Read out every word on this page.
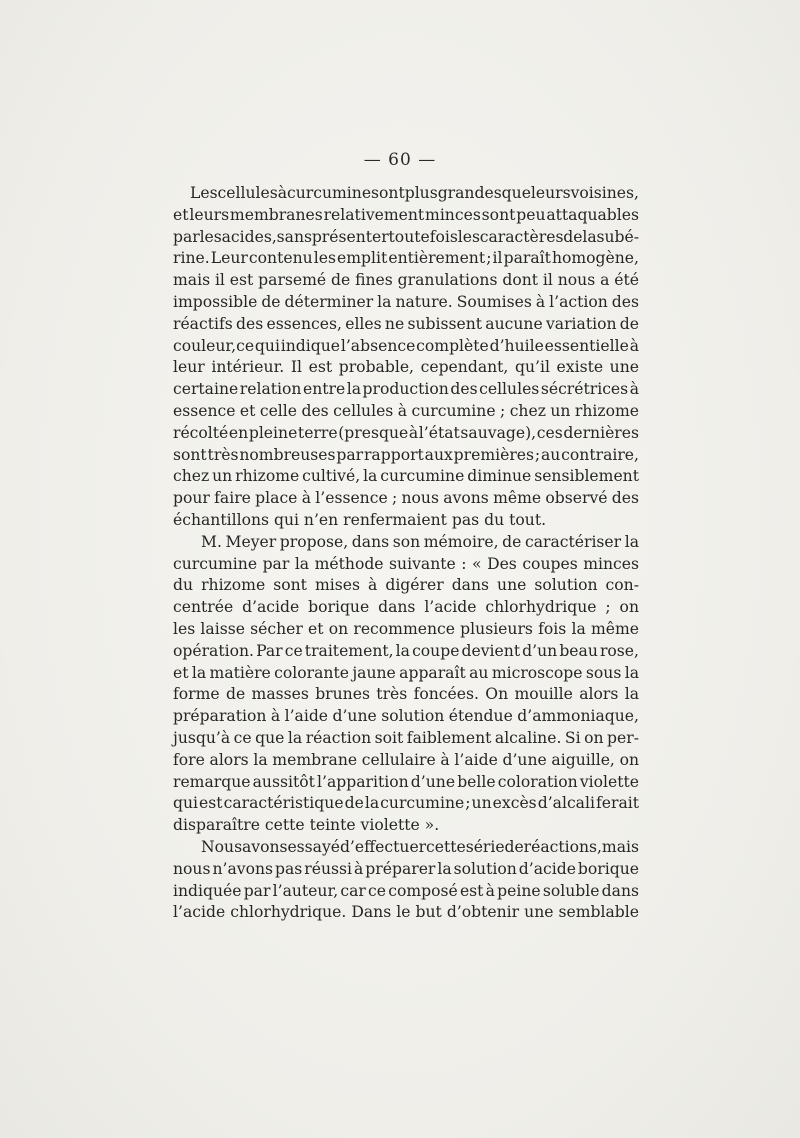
— 60 —
Les cellules à curcumine sont plus grandes que leurs voisines,
et leurs membranes relativement minces sont peu attaquables
par les acides, sans présenter toutefois les caractères de la subé-
rine. Leur contenu les emplit entièrement ; il paraît homogène,
mais il est parsemé de fines granulations dont il nous a été
impossible de déterminer la nature. Soumises à l’action des
réactifs des essences, elles ne subissent aucune variation de
couleur,ce qui indique l’absence complète d’huile essentielle à
leur intérieur. Il est probable, cependant, qu’il existe une
certaine relation entre la production des cellules sécrétrices à
essence et celle des cellules à curcumine ; chez un rhizome
récolté en pleine terre (presque à l’état sauvage), ces dernières
sont très nombreuses par rapport aux premières ; au contraire,
chez un rhizome cultivé, la curcumine diminue sensiblement
pour faire place à l’essence ; nous avons même observé des
échantillons qui n’en renfermaient pas du tout.
M. Meyer propose, dans son mémoire, de caractériser la
curcumine par la méthode suivante : « Des coupes minces
du rhizome sont mises à digérer dans une solution con-
centrée d’acide borique dans l’acide chlorhydrique ; on
les laisse sécher et on recommence plusieurs fois la même
opération. Par ce traitement, la coupe devient d’un beau rose,
et la matière colorante jaune apparaît au microscope sous la
forme de masses brunes très foncées. On mouille alors la
préparation à l’aide d’une solution étendue d’ammoniaque,
jusqu’à ce que la réaction soit faiblement alcaline. Si on per-
fore alors la membrane cellulaire à l’aide d’une aiguille, on
remarque aussitôt l’apparition d’une belle coloration violette
qui est caractéristique de la curcumine ; un excès d’alcali ferait
disparaître cette teinte violette ».
Nous avons essayé d’effectuer cette série de réactions, mais
nous n’avons pas réussi à préparer la solution d’acide borique
indiquée par l’auteur, car ce composé est à peine soluble dans
l’acide chlorhydrique. Dans le but d’obtenir une semblable
